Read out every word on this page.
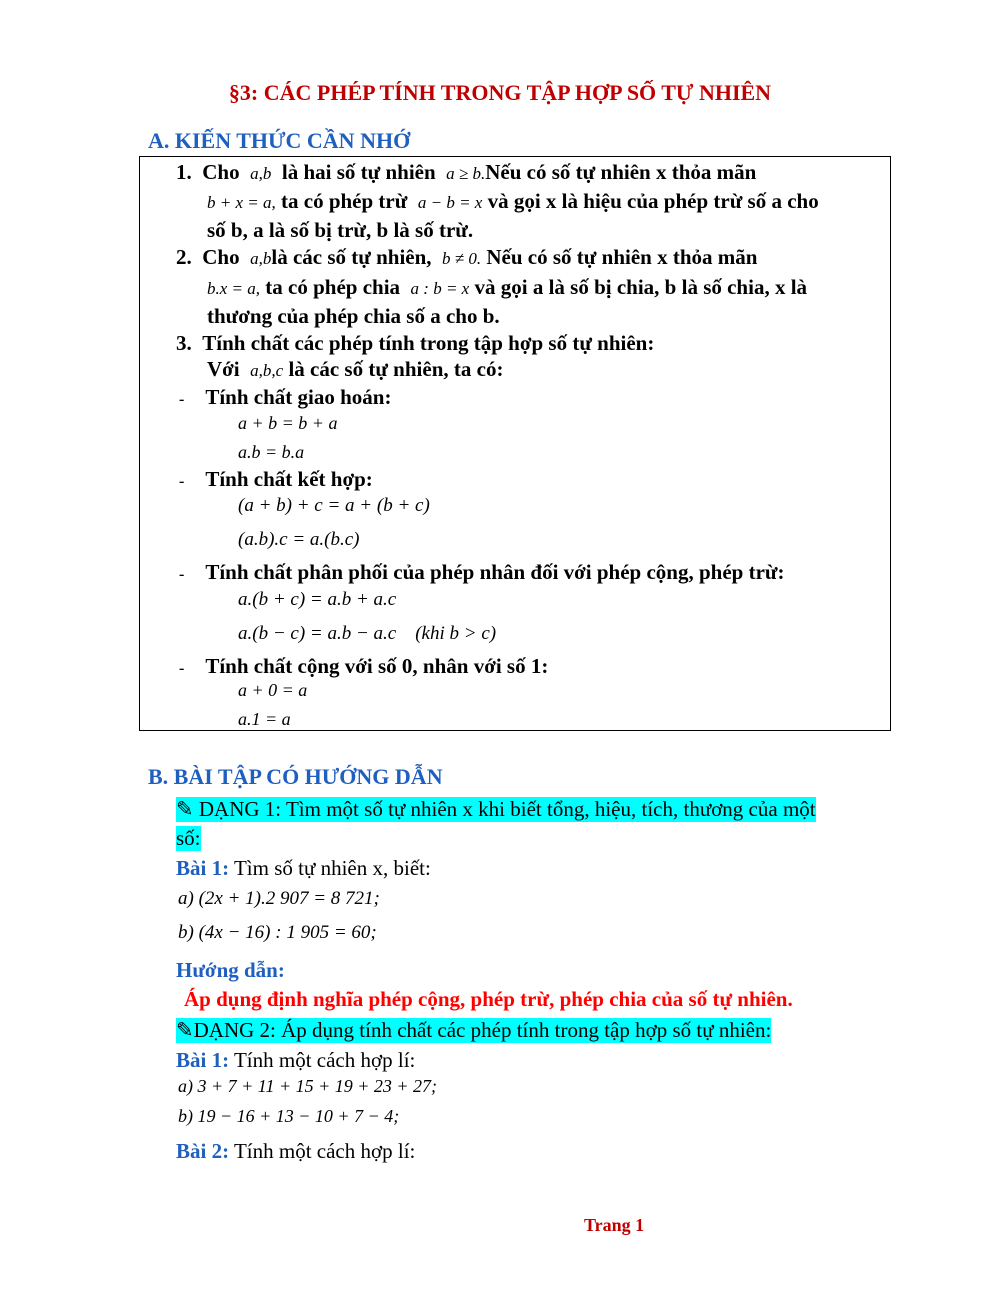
§3: CÁC PHÉP TÍNH TRONG TẬP HỢP SỐ TỰ NHIÊN
A. KIẾN THỨC CẦN NHỚ
1. Cho a,b là hai số tự nhiên a ≥ b.Nếu có số tự nhiên x thỏa mãn
b + x = a, ta có phép trừ a − b = x và gọi x là hiệu của phép trừ số a cho
số b, a là số bị trừ, b là số trừ.
2. Cho a,blà các số tự nhiên, b ≠ 0. Nếu có số tự nhiên x thỏa mãn
b.x = a, ta có phép chia a : b = x và gọi a là số bị chia, b là số chia, x là
thương của phép chia số a cho b.
3. Tính chất các phép tính trong tập hợp số tự nhiên:
Với a,b,c là các số tự nhiên, ta có:
- Tính chất giao hoán:
a + b = b + a
a.b = b.a
- Tính chất kết hợp:
(a + b) + c = a + (b + c)
(a.b).c = a.(b.c)
- Tính chất phân phối của phép nhân đối với phép cộng, phép trừ:
a.(b + c) = a.b + a.c
a.(b − c) = a.b − a.c    (khi b > c)
- Tính chất cộng với số 0, nhân với số 1:
a + 0 = a
a.1 = a
B. BÀI TẬP CÓ HƯỚNG DẪN
✎ DẠNG 1: Tìm một số tự nhiên x khi biết tổng, hiệu, tích, thương của một
số:
Bài 1: Tìm số tự nhiên x, biết:
a) (2x + 1).2 907 = 8 721;
b) (4x − 16) : 1 905 = 60;
Hướng dẫn:
Áp dụng định nghĩa phép cộng, phép trừ, phép chia của số tự nhiên.
✎DẠNG 2: Áp dụng tính chất các phép tính trong tập hợp số tự nhiên:
Bài 1: Tính một cách hợp lí:
a) 3 + 7 + 11 + 15 + 19 + 23 + 27;
b) 19 − 16 + 13 − 10 + 7 − 4;
Bài 2: Tính một cách hợp lí:
Trang 1
